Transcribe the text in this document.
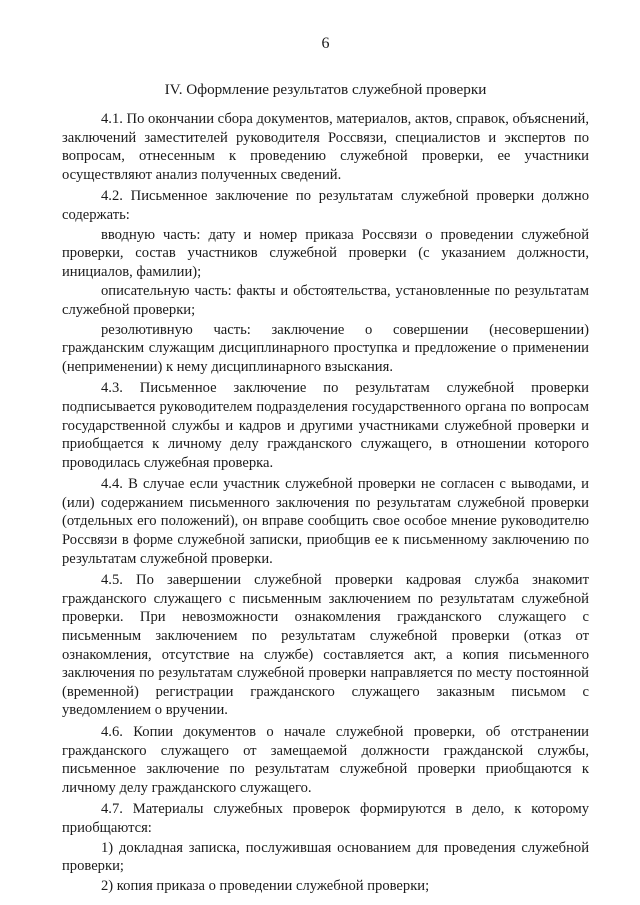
6
IV. Оформление результатов служебной проверки

4.1. По окончании сбора документов, материалов, актов, справок, объяснений, заключений заместителей руководителя Россвязи, специалистов и экспертов по вопросам, отнесенным к проведению служебной проверки, ее участники осуществляют анализ полученных сведений.

4.2. Письменное заключение по результатам служебной проверки должно содержать:

вводную часть: дату и номер приказа Россвязи о проведении служебной проверки, состав участников служебной проверки (с указанием должности, инициалов, фамилии);

описательную часть: факты и обстоятельства, установленные по результатам служебной проверки;

резолютивную часть: заключение о совершении (несовершении) гражданским служащим дисциплинарного проступка и предложение о применении (неприменении) к нему дисциплинарного взыскания.

4.3. Письменное заключение по результатам служебной проверки подписывается руководителем подразделения государственного органа по вопросам государственной службы и кадров и другими участниками служебной проверки и приобщается к личному делу гражданского служащего, в отношении которого проводилась служебная проверка.

4.4. В случае если участник служебной проверки не согласен с выводами, и (или) содержанием письменного заключения по результатам служебной проверки (отдельных его положений), он вправе сообщить свое особое мнение руководителю Россвязи в форме служебной записки, приобщив ее к письменному заключению по результатам служебной проверки.

4.5. По завершении служебной проверки кадровая служба знакомит гражданского служащего с письменным заключением по результатам служебной проверки. При невозможности ознакомления гражданского служащего с письменным заключением по результатам служебной проверки (отказ от ознакомления, отсутствие на службе) составляется акт, а копия письменного заключения по результатам служебной проверки направляется по месту постоянной (временной) регистрации гражданского служащего заказным письмом с уведомлением о вручении.

4.6. Копии документов о начале служебной проверки, об отстранении гражданского служащего от замещаемой должности гражданской службы, письменное заключение по результатам служебной проверки приобщаются к личному делу гражданского служащего.

4.7. Материалы служебных проверок формируются в дело, к которому приобщаются:

1) докладная записка, послужившая основанием для проведения служебной проверки;

2) копия приказа о проведении служебной проверки;
